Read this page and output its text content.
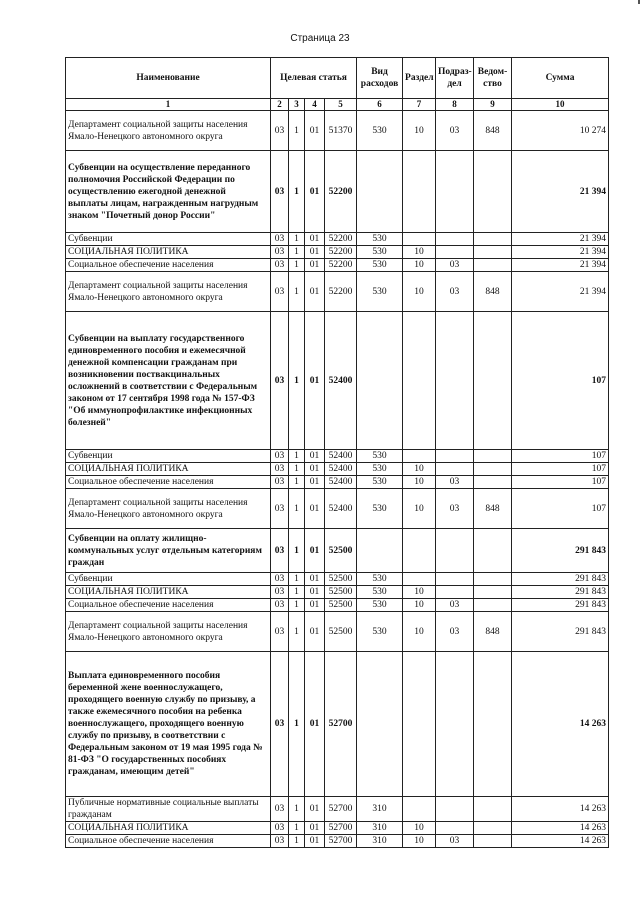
Страница 23
Наименование	Целевая статья				Вид расходов	Раздел	Подраз-дел	Ведом-ство	Сумма
1	2	3	4	5	6	7	8	9	10
Департамент социальной защиты населения Ямало-Ненецкого автономного округа	03	1	01	51370	530	10	03	848	10 274
Субвенции на осуществление переданного полномочия Российской Федерации по осуществлению ежегодной денежной выплаты лицам, награжденным нагрудным знаком "Почетный донор России"	03	1	01	52200					21 394
Субвенции	03	1	01	52200	530				21 394
СОЦИАЛЬНАЯ ПОЛИТИКА	03	1	01	52200	530	10			21 394
Социальное обеспечение населения	03	1	01	52200	530	10	03		21 394
Департамент социальной защиты населения Ямало-Ненецкого автономного округа	03	1	01	52200	530	10	03	848	21 394
Субвенции на выплату государственного единовременного пособия и ежемесячной денежной компенсации гражданам при возникновении поствакцинальных осложнений в соответствии с Федеральным законом от 17 сентября 1998 года № 157-ФЗ "Об иммунопрофилактике инфекционных болезней"	03	1	01	52400					107
Субвенции	03	1	01	52400	530				107
СОЦИАЛЬНАЯ ПОЛИТИКА	03	1	01	52400	530	10			107
Социальное обеспечение населения	03	1	01	52400	530	10	03		107
Департамент социальной защиты населения Ямало-Ненецкого автономного округа	03	1	01	52400	530	10	03	848	107
Субвенции на оплату жилищно-коммунальных услуг отдельным категориям граждан	03	1	01	52500					291 843
Субвенции	03	1	01	52500	530				291 843
СОЦИАЛЬНАЯ ПОЛИТИКА	03	1	01	52500	530	10			291 843
Социальное обеспечение населения	03	1	01	52500	530	10	03		291 843
Департамент социальной защиты населения Ямало-Ненецкого автономного округа	03	1	01	52500	530	10	03	848	291 843
Выплата единовременного пособия беременной жене военнослужащего, проходящего военную службу по призыву, а также ежемесячного пособия на ребенка военнослужащего, проходящего военную службу по призыву, в соответствии с Федеральным законом от 19 мая 1995 года № 81-ФЗ "О государственных пособиях гражданам, имеющим детей"	03	1	01	52700					14 263
Публичные нормативные социальные выплаты гражданам	03	1	01	52700	310				14 263
СОЦИАЛЬНАЯ ПОЛИТИКА	03	1	01	52700	310	10			14 263
Социальное обеспечение населения	03	1	01	52700	310	10	03		14 263
